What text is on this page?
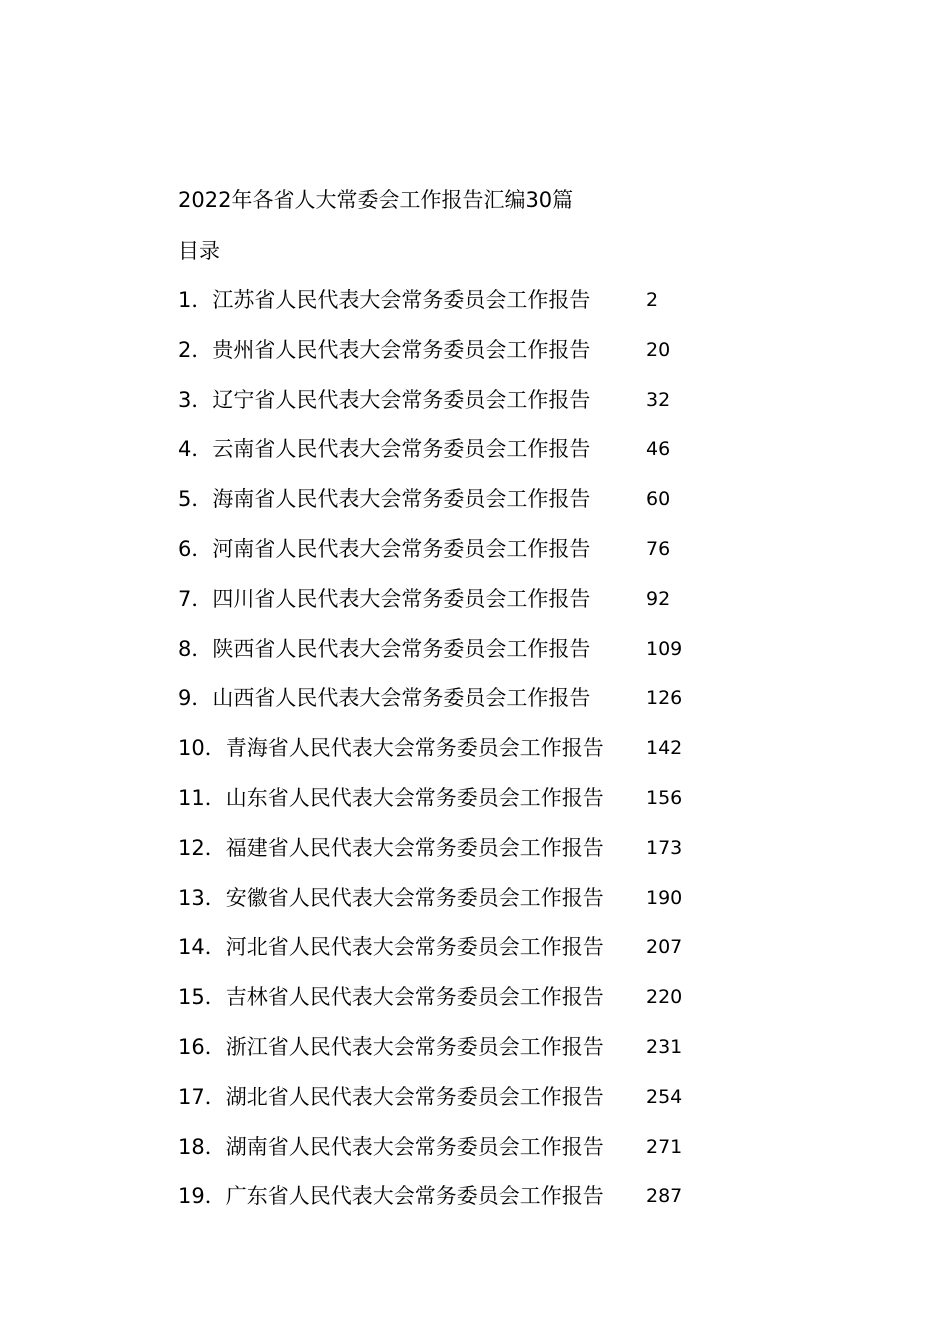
2022年各省人大常委会工作报告汇编30篇
目录
1．江苏省人民代表大会常务委员会工作报告	2
2．贵州省人民代表大会常务委员会工作报告	20
3．辽宁省人民代表大会常务委员会工作报告	32
4．云南省人民代表大会常务委员会工作报告	46
5．海南省人民代表大会常务委员会工作报告	60
6．河南省人民代表大会常务委员会工作报告	76
7．四川省人民代表大会常务委员会工作报告	92
8．陕西省人民代表大会常务委员会工作报告	109
9．山西省人民代表大会常务委员会工作报告	126
10．青海省人民代表大会常务委员会工作报告 142
11．山东省人民代表大会常务委员会工作报告 156
12．福建省人民代表大会常务委员会工作报告 173
13．安徽省人民代表大会常务委员会工作报告 190
14．河北省人民代表大会常务委员会工作报告 207
15．吉林省人民代表大会常务委员会工作报告 220
16．浙江省人民代表大会常务委员会工作报告 231
17．湖北省人民代表大会常务委员会工作报告 254
18．湖南省人民代表大会常务委员会工作报告 271
19．广东省人民代表大会常务委员会工作报告 287
